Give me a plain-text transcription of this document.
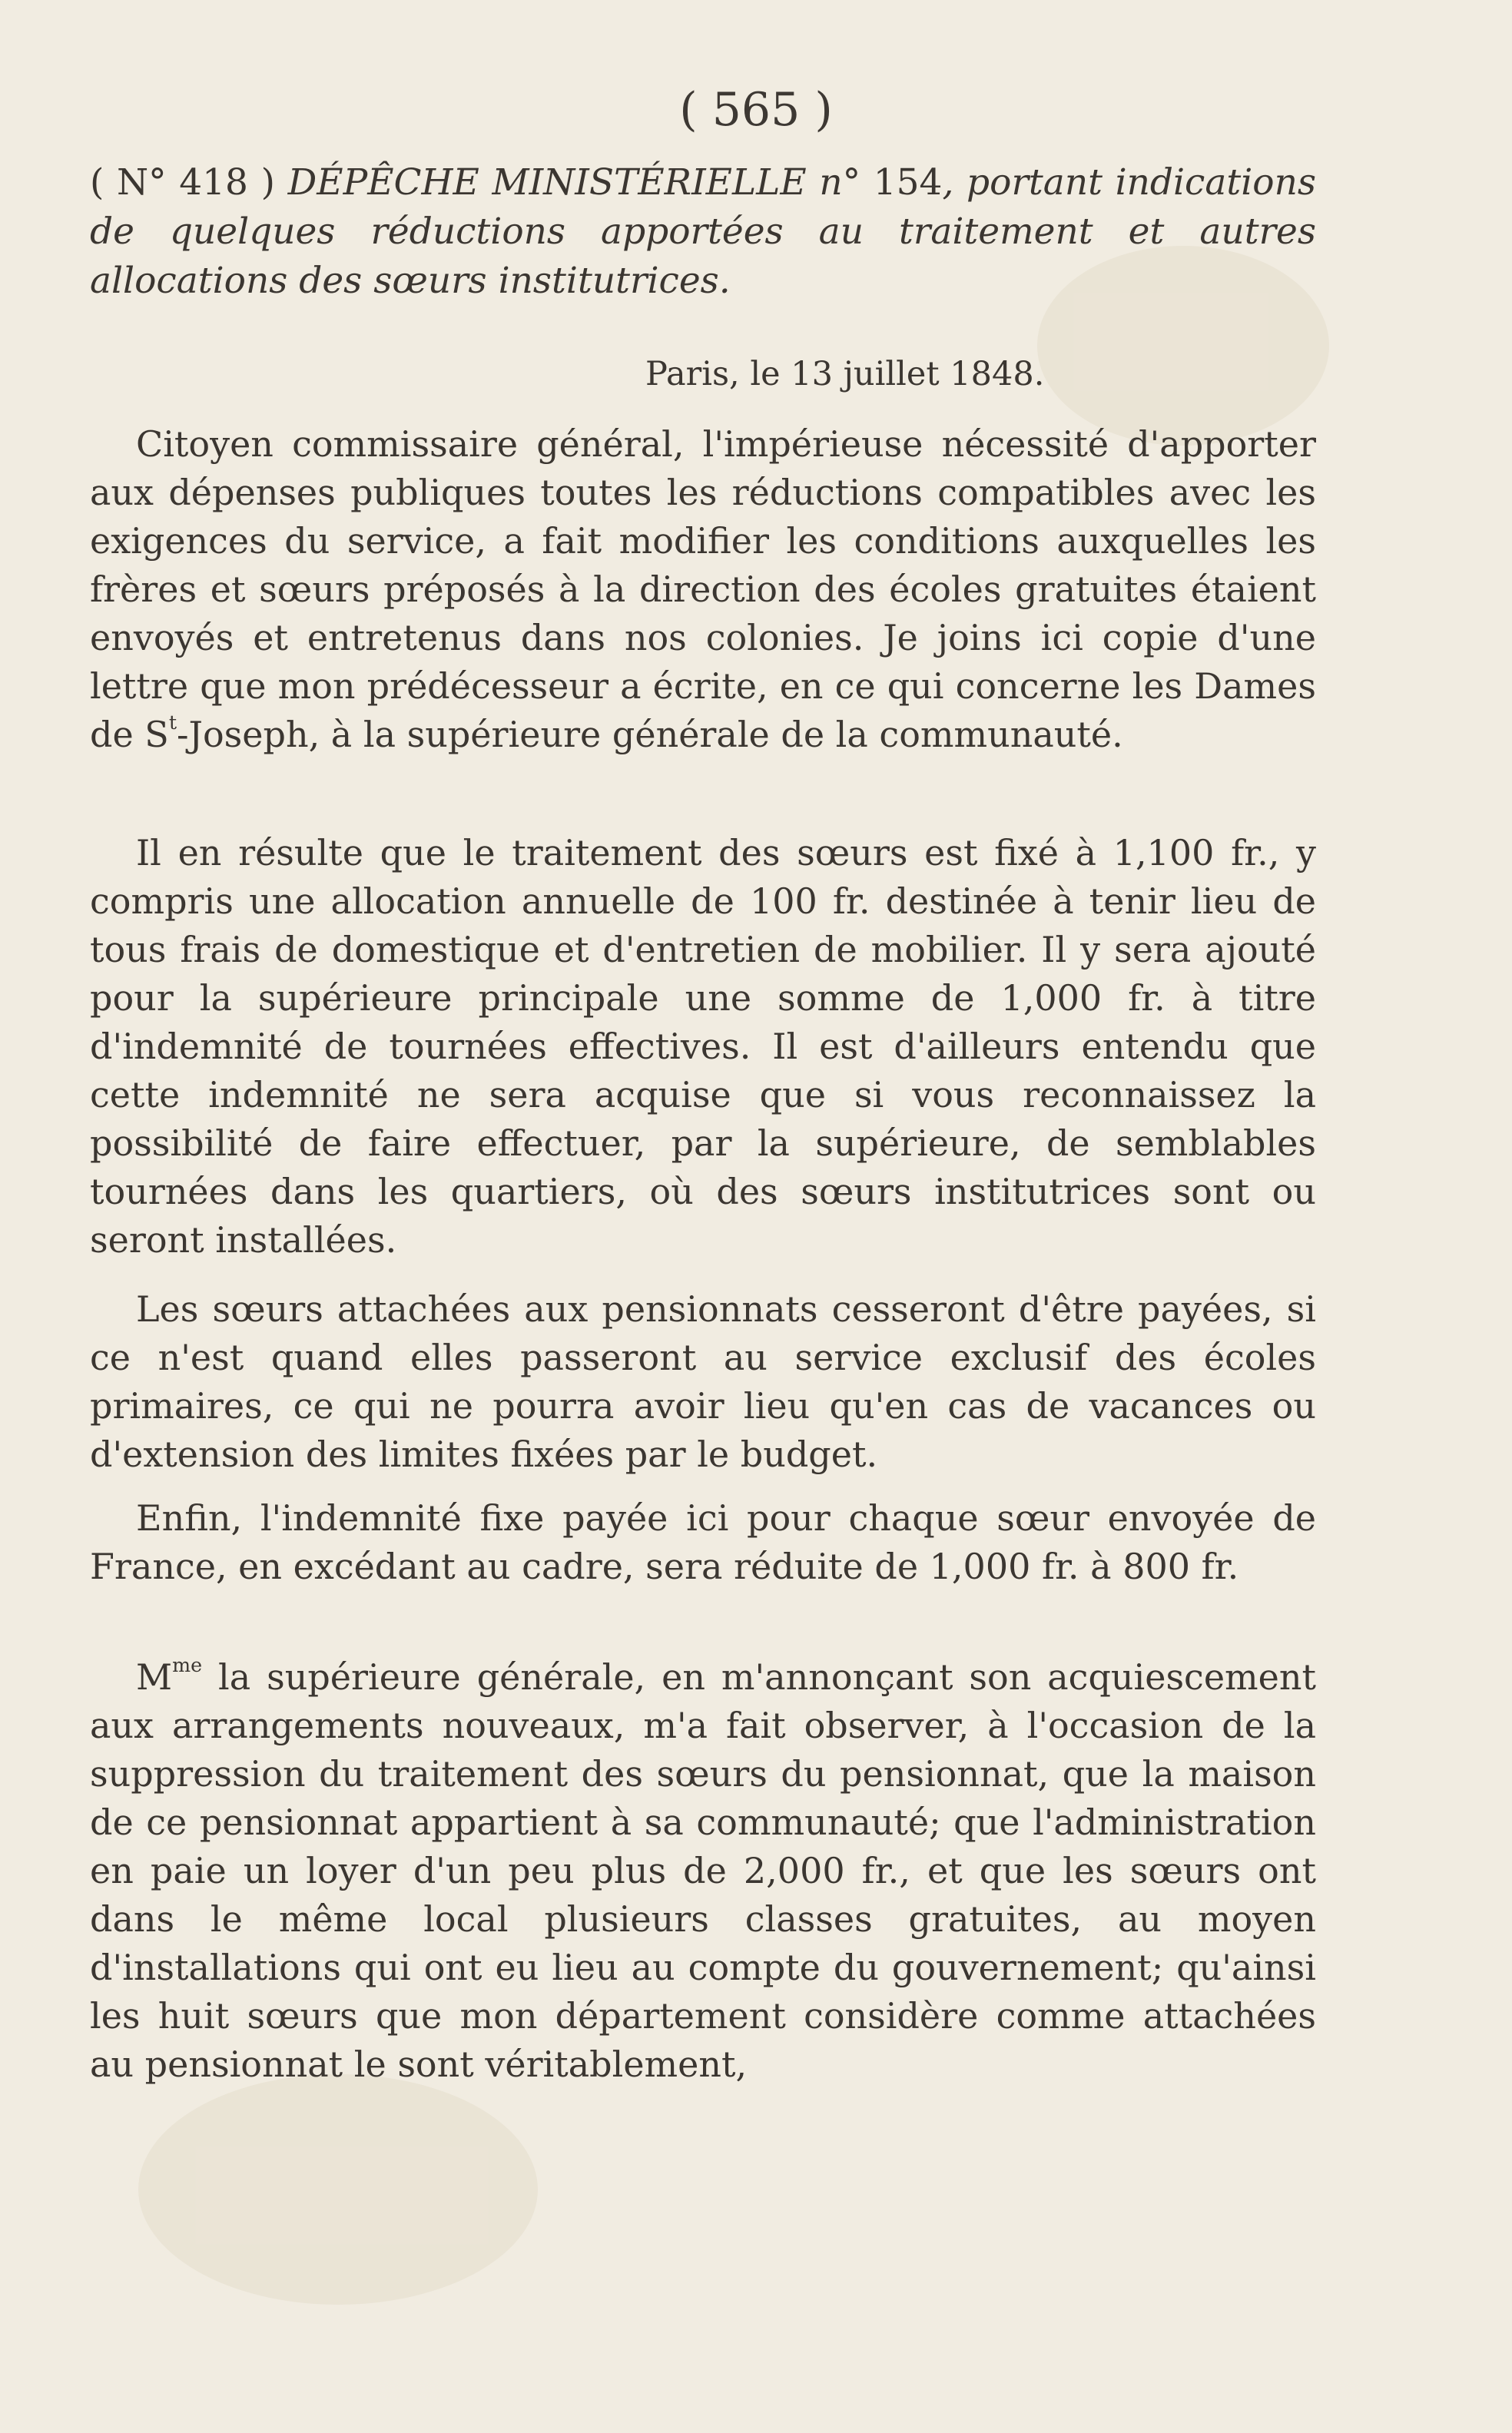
( 565 )
( N° 418 ) DÉPÊCHE MINISTÉRIELLE n° 154, portant indications de quelques réductions apportées au traitement et autres allocations des sœurs institutrices.
Paris, le 13 juillet 1848.

Citoyen commissaire général, l'impérieuse nécessité d'apporter aux dépenses publiques toutes les réductions compatibles avec les exigences du service, a fait modifier les conditions auxquelles les frères et sœurs préposés à la direction des écoles gratuites étaient envoyés et entretenus dans nos colonies. Je joins ici copie d'une lettre que mon prédécesseur a écrite, en ce qui concerne les Dames de $S^t$-Joseph, à la supérieure générale de la communauté.

Il en résulte que le traitement des sœurs est fixé à 1,100 fr., y compris une allocation annuelle de 100 fr. destinée à tenir lieu de tous frais de domestique et d'entretien de mobilier. Il y sera ajouté pour la supérieure principale une somme de 1,000 fr. à titre d'indemnité de tournées effectives. Il est d'ailleurs entendu que cette indemnité ne sera acquise que si vous reconnaissez la possibilité de faire effectuer, par la supérieure, de semblables tournées dans les quartiers, où des sœurs institutrices sont ou seront installées.

Les sœurs attachées aux pensionnats cesseront d'être payées, si ce n'est quand elles passeront au service exclusif des écoles primaires, ce qui ne pourra avoir lieu qu'en cas de vacances ou d'extension des limites fixées par le budget.

Enfin, l'indemnité fixe payée ici pour chaque sœur envoyée de France, en excédant au cadre, sera réduite de 1,000 fr. à 800 fr.

$M^{me}$ la supérieure générale, en m'annonçant son acquiescement aux arrangements nouveaux, m'a fait observer, à l'occasion de la suppression du traitement des sœurs du pensionnat, que la maison de ce pensionnat appartient à sa communauté; que l'administration en paie un loyer d'un peu plus de 2,000 fr., et que les sœurs ont dans le même local plusieurs classes gratuites, au moyen d'installations qui ont eu lieu au compte du gouvernement; qu'ainsi les huit sœurs que mon département considère comme attachées au pensionnat le sont véritablement,
